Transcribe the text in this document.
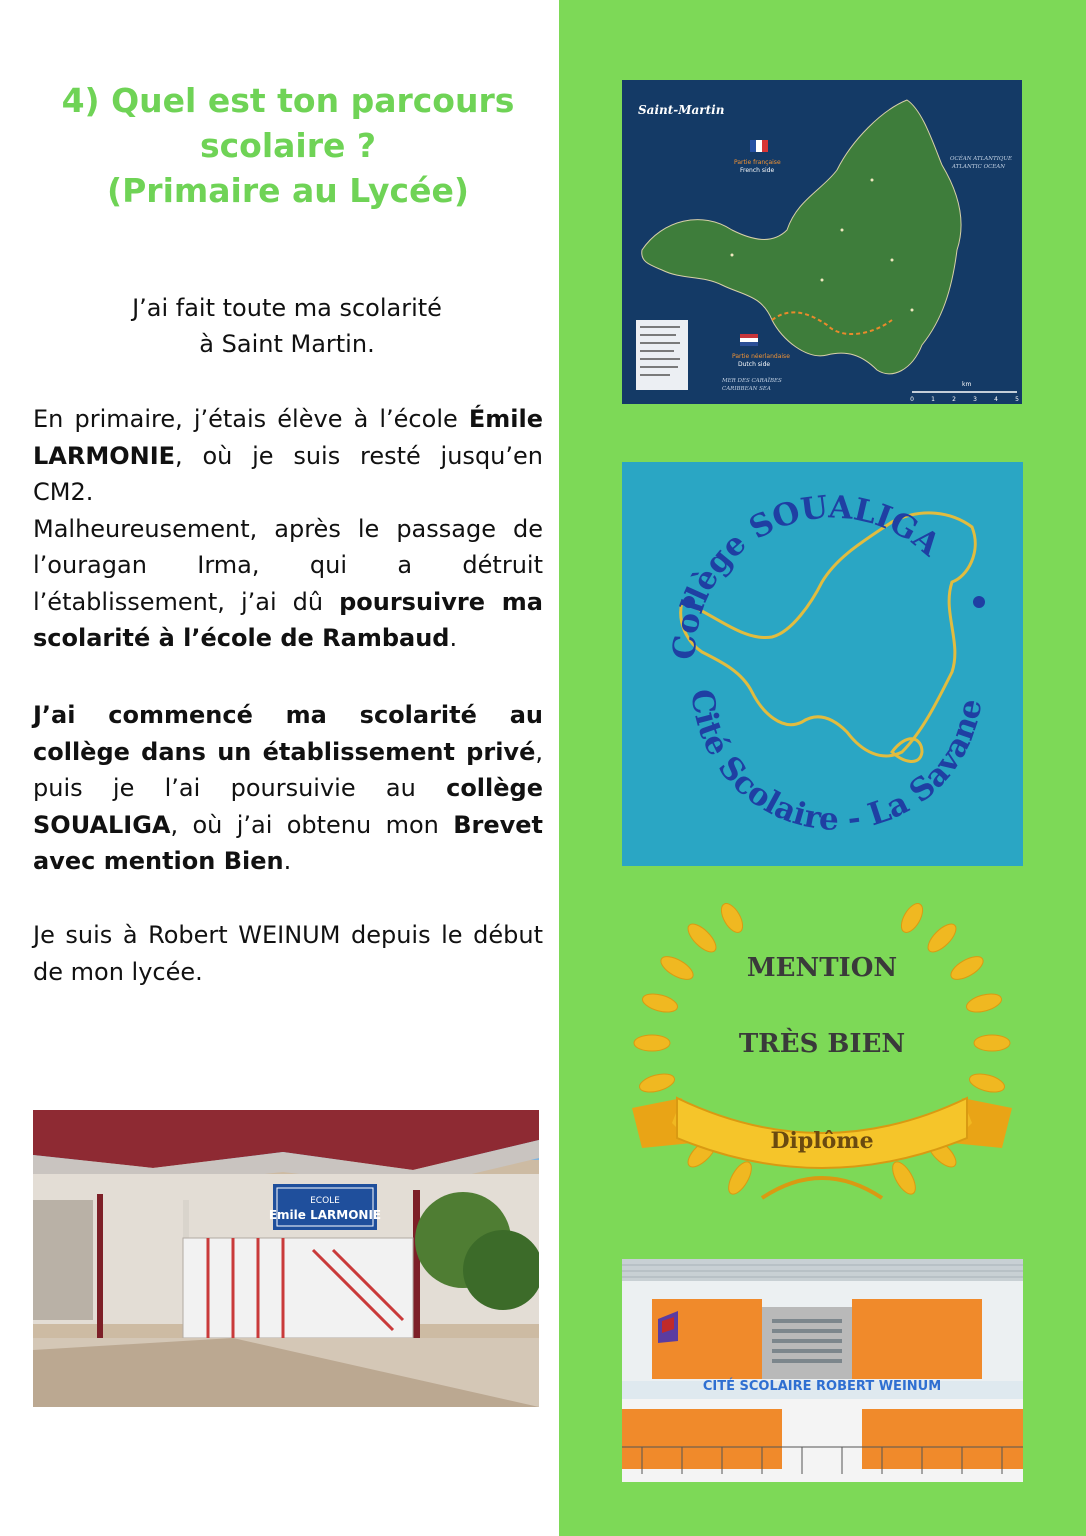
4) Quel est ton parcours
scolaire ?
(Primaire au Lycée)
J’ai fait toute ma scolarité
à Saint Martin.

En primaire, j’étais élève à l’école Émile LARMONIE, où je suis resté jusqu’en CM2.
Malheureusement, après le passage de l’ouragan Irma, qui a détruit l’établissement, j’ai dû poursuivre ma scolarité à l’école de Rambaud.

J’ai commencé ma scolarité au collège dans un établissement privé, puis je l’ai poursuivie au collège SOUALIGA, où j’ai obtenu mon Brevet avec mention Bien.

Je suis à Robert WEINUM depuis le début de mon lycée.

ECOLE
Emile LARMONIE
Saint-Martin
Partie française
French side
Partie néerlandaise
Dutch side
MER DES CARAÏBES
CARIBBEAN SEA
OCÉAN ATLANTIQUE
ATLANTIC OCEAN
km
0	1	2	3	4	5
Collège SOUALIGA
Cité Scolaire - La Savane
MENTION
TRÈS BIEN
Diplôme
CITÉ SCOLAIRE ROBERT WEINUM
